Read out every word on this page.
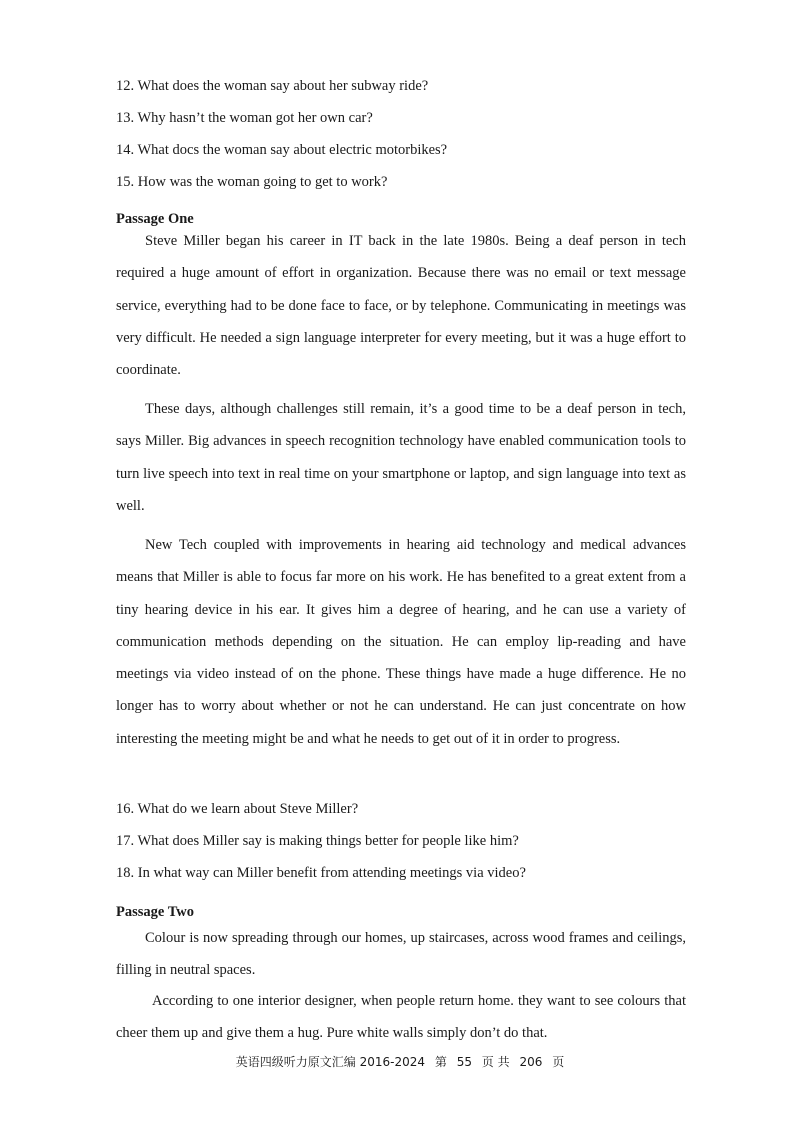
12. What does the woman say about her subway ride?
13. Why hasn’t the woman got her own car?
14. What docs the woman say about electric motorbikes?
15. How was the woman going to get to work?
Passage One

Steve Miller began his career in IT back in the late 1980s. Being a deaf person in tech required a huge amount of effort in organization. Because there was no email or text message service, everything had to be done face to face, or by telephone. Communicating in meetings was very difficult. He needed a sign language interpreter for every meeting, but it was a huge effort to coordinate.

These days, although challenges still remain, it’s a good time to be a deaf person in tech, says Miller. Big advances in speech recognition technology have enabled communication tools to turn live speech into text in real time on your smartphone or laptop, and sign language into text as well.

New Tech coupled with improvements in hearing aid technology and medical advances means that Miller is able to focus far more on his work. He has benefited to a great extent from a tiny hearing device in his ear. It gives him a degree of hearing, and he can use a variety of communication methods depending on the situation. He can employ lip-reading and have meetings via video instead of on the phone. These things have made a huge difference. He no longer has to worry about whether or not he can understand. He can just concentrate on how interesting the meeting might be and what he needs to get out of it in order to progress.

16. What do we learn about Steve Miller?
17. What does Miller say is making things better for people like him?
18. In what way can Miller benefit from attending meetings via video?
Passage Two

Colour is now spreading through our homes, up staircases, across wood frames and ceilings, filling in neutral spaces.

According to one interior designer, when people return home. they want to see colours that cheer them up and give them a hug. Pure white walls simply don’t do that.

英语四级听力原文汇编 2016-2024 第 55 页 共 206 页
